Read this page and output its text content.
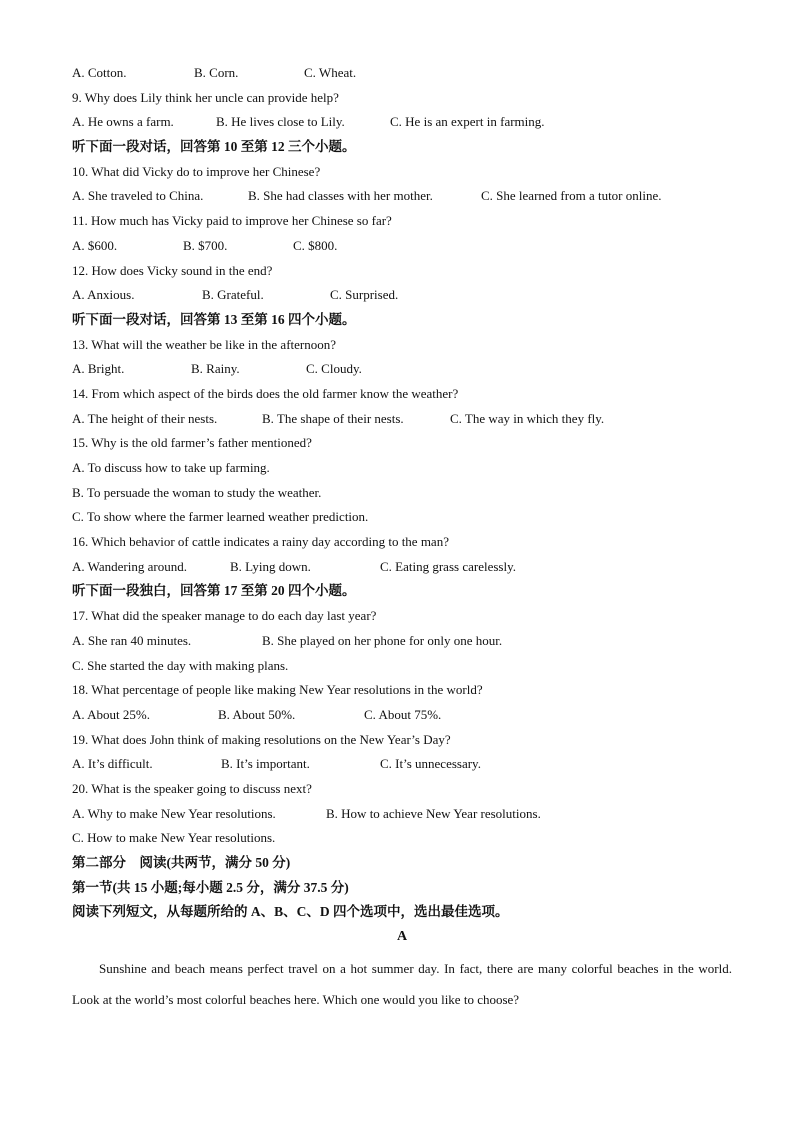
A. Cotton.	B. Corn.	C. Wheat.
9. Why does Lily think her uncle can provide help?
A. He owns a farm.	B. He lives close to Lily.	C. He is an expert in farming.
听下面一段对话，回答第 10 至第 12 三个小题。
10. What did Vicky do to improve her Chinese?
A. She traveled to China.	B. She had classes with her mother.	C. She learned from a tutor online.
11. How much has Vicky paid to improve her Chinese so far?
A. $600.	B. $700.	C. $800.
12. How does Vicky sound in the end?
A. Anxious.	B. Grateful.	C. Surprised.
听下面一段对话，回答第 13 至第 16 四个小题。
13. What will the weather be like in the afternoon?
A. Bright.	B. Rainy.	C. Cloudy.
14. From which aspect of the birds does the old farmer know the weather?
A. The height of their nests.	B. The shape of their nests.	C. The way in which they fly.
15. Why is the old farmer’s father mentioned?
A. To discuss how to take up farming.
B. To persuade the woman to study the weather.
C. To show where the farmer learned weather prediction.
16. Which behavior of cattle indicates a rainy day according to the man?
A. Wandering around.	B. Lying down.	C. Eating grass carelessly.
听下面一段独白，回答第 17 至第 20 四个小题。
17. What did the speaker manage to do each day last year?
A. She ran 40 minutes.	B. She played on her phone for only one hour.
C. She started the day with making plans.
18. What percentage of people like making New Year resolutions in the world?
A. About 25%.	B. About 50%.	C. About 75%.
19. What does John think of making resolutions on the New Year’s Day?
A. It’s difficult.	B. It’s important.	C. It’s unnecessary.
20. What is the speaker going to discuss next?
A. Why to make New Year resolutions.	B. How to achieve New Year resolutions.
C. How to make New Year resolutions.
第二部分　阅读(共两节，满分 50 分)
第一节(共 15 小题;每小题 2.5 分，满分 37.5 分)
阅读下列短文，从每题所给的 A、B、C、D 四个选项中，选出最佳选项。
A
Sunshine and beach means perfect travel on a hot summer day. In fact, there are many colorful beaches in the world. Look at the world’s most colorful beaches here. Which one would you like to choose?
